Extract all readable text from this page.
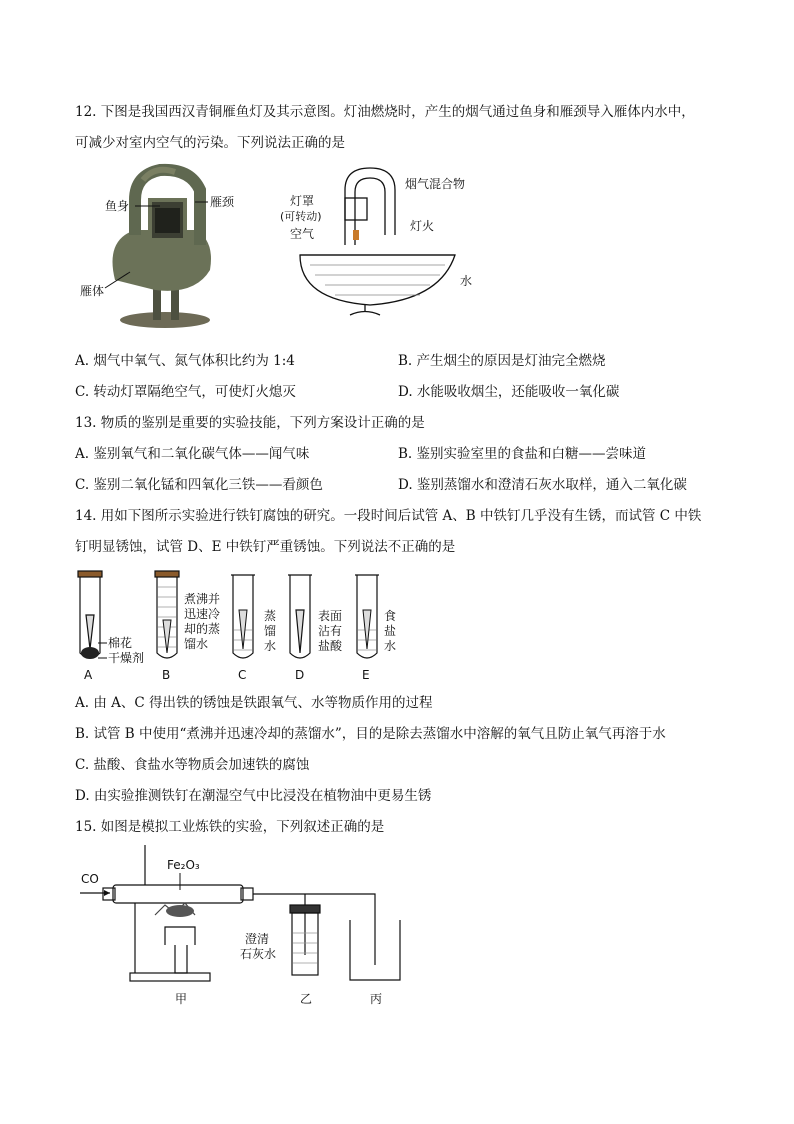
12. 下图是我国西汉青铜雁鱼灯及其示意图。灯油燃烧时，产生的烟气通过鱼身和雁颈导入雁体内水中，
可减少对室内空气的污染。下列说法正确的是
鱼身	雁颈
雁体
烟气混合物
灯罩
(可转动)
空气
灯火
水
A. 烟气中氧气、氮气体积比约为 1:4	B. 产生烟尘的原因是灯油完全燃烧
C. 转动灯罩隔绝空气，可使灯火熄灭	D. 水能吸收烟尘，还能吸收一氧化碳
13. 物质的鉴别是重要的实验技能，下列方案设计正确的是
A. 鉴别氧气和二氧化碳气体——闻气味	B. 鉴别实验室里的食盐和白糖——尝味道
C. 鉴别二氧化锰和四氧化三铁——看颜色	D. 鉴别蒸馏水和澄清石灰水取样，通入二氧化碳
14. 用如下图所示实验进行铁钉腐蚀的研究。一段时间后试管 A、B 中铁钉几乎没有生锈，而试管 C 中铁
钉明显锈蚀，试管 D、E 中铁钉严重锈蚀。下列说法不正确的是
棉花
干燥剂
煮沸并
迅速冷
却的蒸
馏水
蒸
馏
水
表面
沾有
盐酸
食
盐
水
A	B	C	D	E
A. 由 A、C 得出铁的锈蚀是铁跟氧气、水等物质作用的过程
B. 试管 B 中使用“煮沸并迅速冷却的蒸馏水”，目的是除去蒸馏水中溶解的氧气且防止氧气再溶于水
C. 盐酸、食盐水等物质会加速铁的腐蚀
D. 由实验推测铁钉在潮湿空气中比浸没在植物油中更易生锈
15. 如图是模拟工业炼铁的实验，下列叙述正确的是
CO
Fe₂O₃
澄清
石灰水
甲	乙	丙
